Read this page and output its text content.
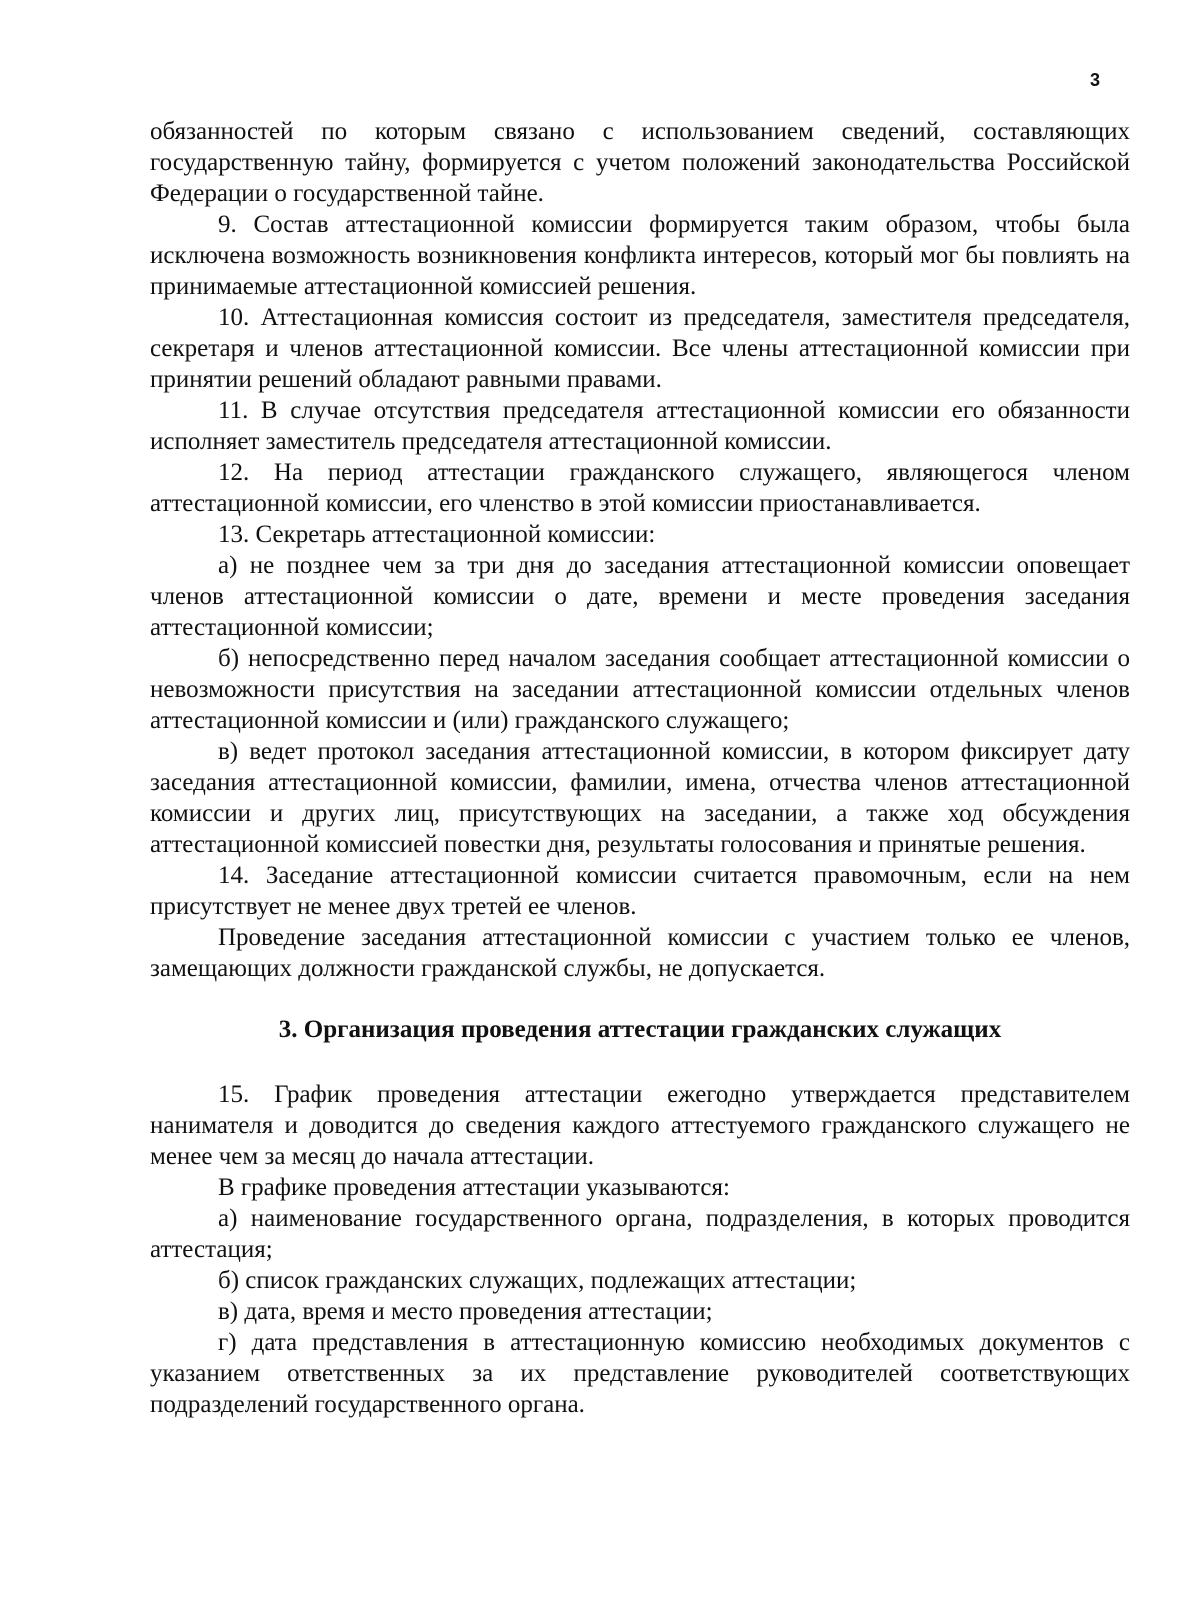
3

обязанностей по которым связано с использованием сведений, составляющих государственную тайну, формируется с учетом положений законодательства Российской Федерации о государственной тайне.

9. Состав аттестационной комиссии формируется таким образом, чтобы была исключена возможность возникновения конфликта интересов, который мог бы повлиять на принимаемые аттестационной комиссией решения.

10. Аттестационная комиссия состоит из председателя, заместителя председателя, секретаря и членов аттестационной комиссии. Все члены аттестационной комиссии при принятии решений обладают равными правами.

11. В случае отсутствия председателя аттестационной комиссии его обязанности исполняет заместитель председателя аттестационной комиссии.

12. На период аттестации гражданского служащего, являющегося членом аттестационной комиссии, его членство в этой комиссии приостанавливается.

13. Секретарь аттестационной комиссии:

а) не позднее чем за три дня до заседания аттестационной комиссии оповещает членов аттестационной комиссии о дате, времени и месте проведения заседания аттестационной комиссии;

б) непосредственно перед началом заседания сообщает аттестационной комиссии о невозможности присутствия на заседании аттестационной комиссии отдельных членов аттестационной комиссии и (или) гражданского служащего;

в) ведет протокол заседания аттестационной комиссии, в котором фиксирует дату заседания аттестационной комиссии, фамилии, имена, отчества членов аттестационной комиссии и других лиц, присутствующих на заседании, а также ход обсуждения аттестационной комиссией повестки дня, результаты голосования и принятые решения.

14. Заседание аттестационной комиссии считается правомочным, если на нем присутствует не менее двух третей ее членов.

Проведение заседания аттестационной комиссии с участием только ее членов, замещающих должности гражданской службы, не допускается.

3. Организация проведения аттестации гражданских служащих

15. График проведения аттестации ежегодно утверждается представителем нанимателя и доводится до сведения каждого аттестуемого гражданского служащего не менее чем за месяц до начала аттестации.

В графике проведения аттестации указываются:

а) наименование государственного органа, подразделения, в которых проводится аттестация;

б) список гражданских служащих, подлежащих аттестации;

в) дата, время и место проведения аттестации;

г) дата представления в аттестационную комиссию необходимых документов с указанием ответственных за их представление руководителей соответствующих подразделений государственного органа.
